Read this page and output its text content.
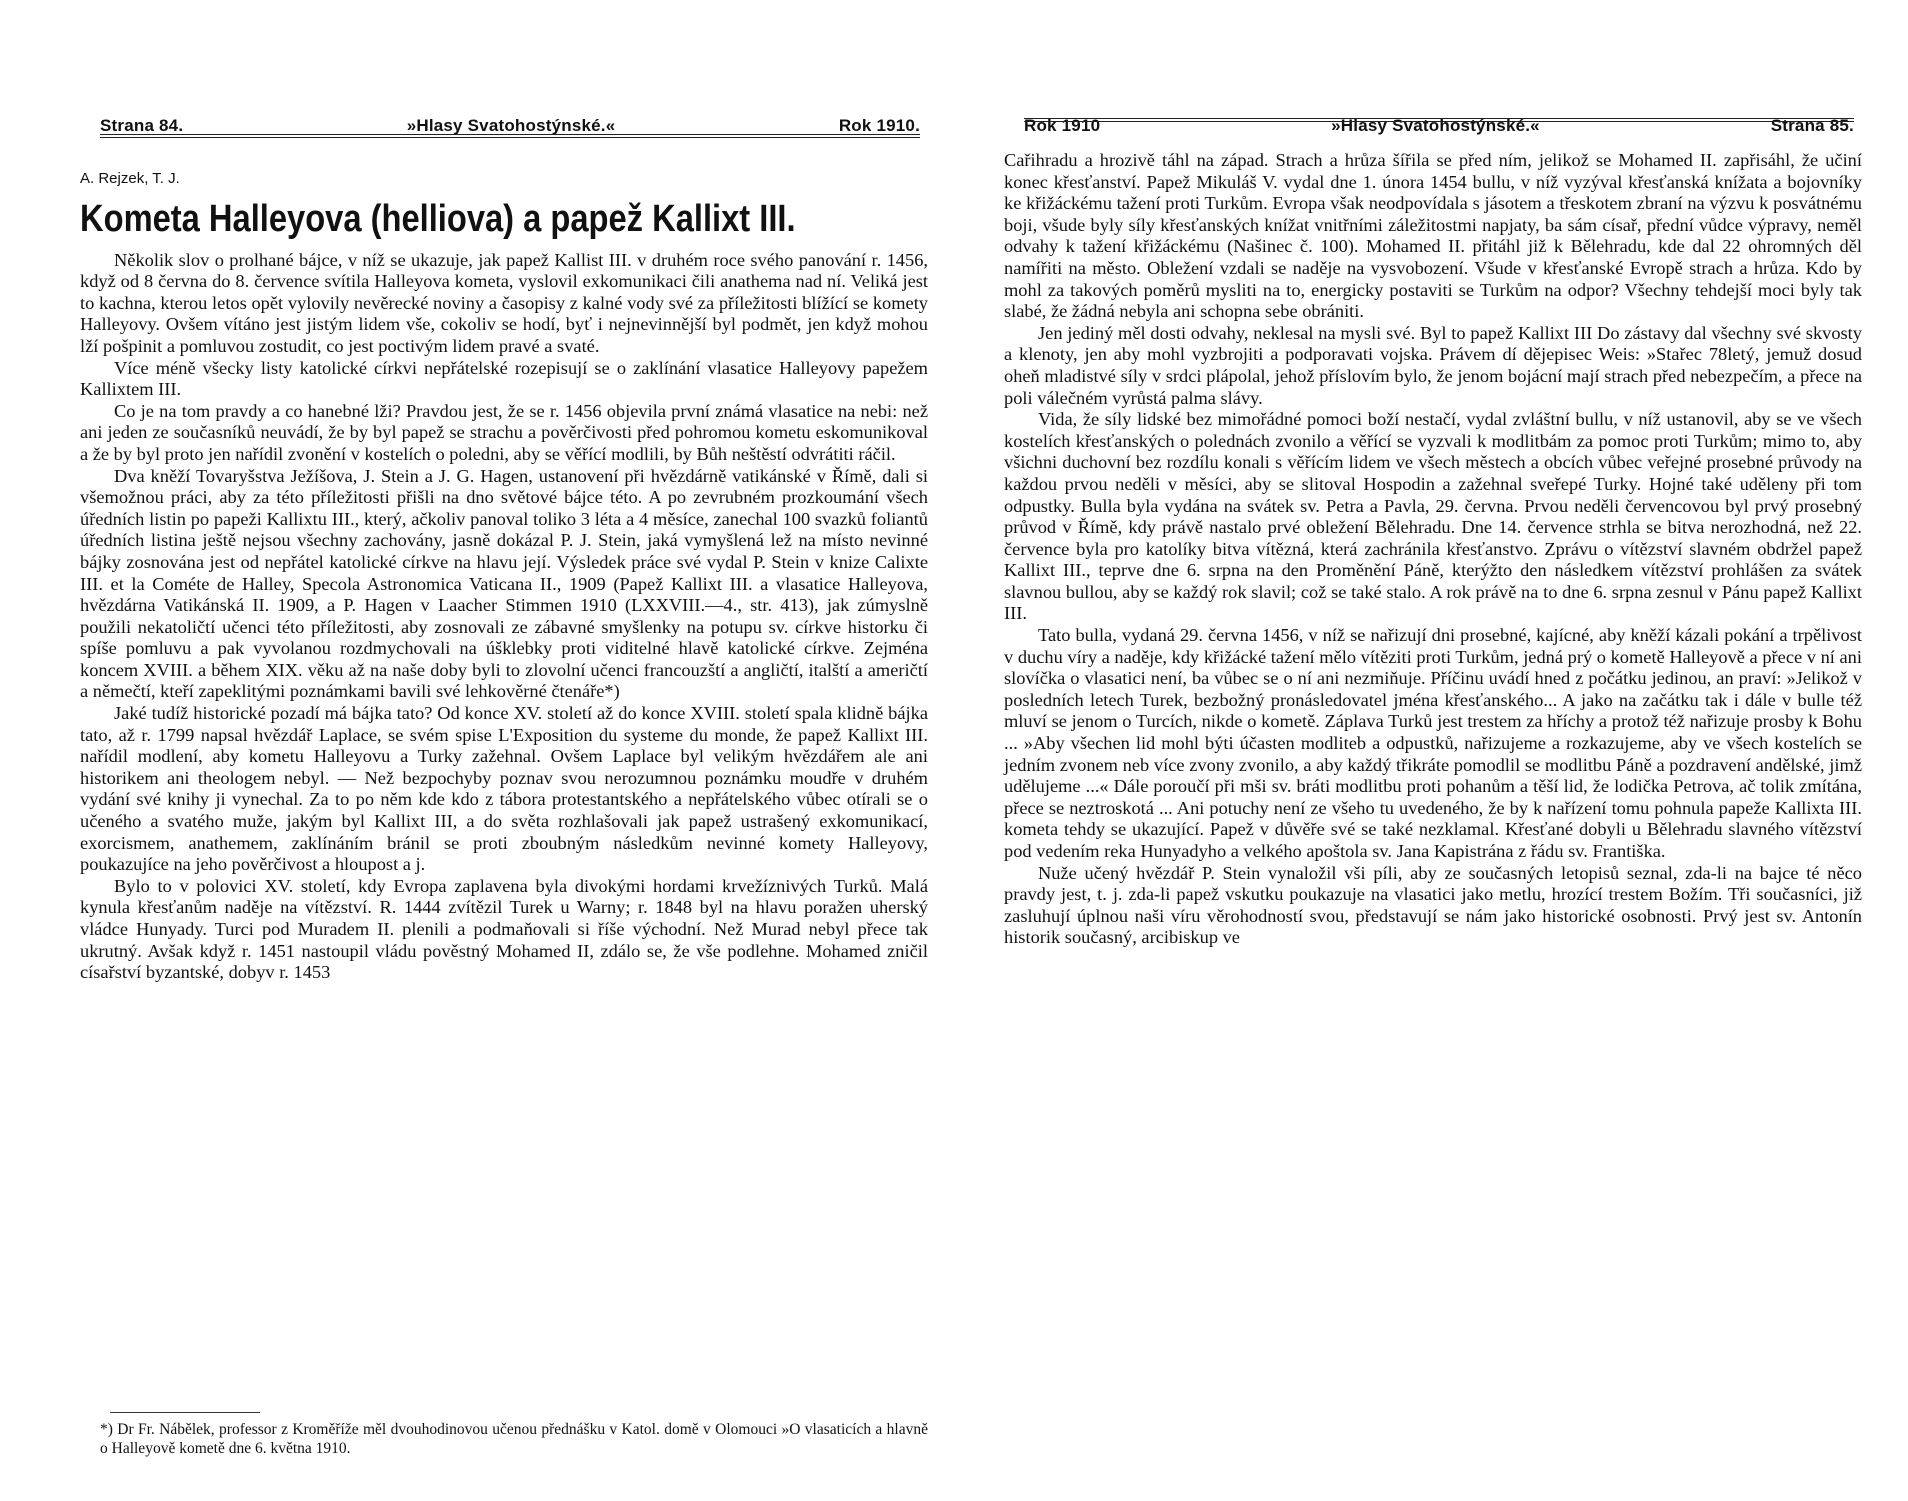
Strana 84.	»Hlasy Svatohostýnské.«	Rok 1910.
A. Rejzek, T. J.
Kometa Halleyova (helliova) a papež Kallixt III.

Několik slov o prolhané bájce, v níž se ukazuje, jak papež Kallist III. v druhém roce svého panování r. 1456, když od 8 června do 8. července svítila Halleyova kometa, vyslovil exkomunikaci čili anathema nad ní. Veliká jest to kachna, kterou letos opět vylovily nevěrecké noviny a časopisy z kalné vody své za příležitosti blížící se komety Halleyovy. Ovšem vítáno jest jistým lidem vše, cokoliv se hodí, byť i nejnevinnější byl podmět, jen když mohou lží pošpinit a pomluvou zostudit, co jest poctivým lidem pravé a svaté.

Více méně všecky listy katolické církvi nepřátelské rozepisují se o zaklínání vlasatice Halleyovy papežem Kallixtem III.

Co je na tom pravdy a co hanebné lži? Pravdou jest, že se r. 1456 objevila první známá vlasatice na nebi: než ani jeden ze současníků neuvádí, že by byl papež se strachu a pověrčivosti před pohromou kometu eskomunikoval a že by byl proto jen nařídil zvonění v kostelích o poledni, aby se věřící modlili, by Bůh neštěstí odvrátiti ráčil.

Dva kněží Tovaryšstva Ježíšova, J. Stein a J. G. Hagen, ustanovení při hvězdárně vatikánské v Římě, dali si všemožnou práci, aby za této příležitosti přišli na dno světové bájce této. A po zevrubném prozkoumání všech úředních listin po papeži Kallixtu III., který, ačkoliv panoval toliko 3 léta a 4 měsíce, zanechal 100 svazků foliantů úředních listina ještě nejsou všechny zachovány, jasně dokázal P. J. Stein, jaká vymyšlená lež na místo nevinné bájky zosnována jest od nepřátel katolické církve na hlavu její. Výsledek práce své vydal P. Stein v knize Calixte III. et la Cométe de Halley, Specola Astronomica Vaticana II., 1909 (Papež Kallixt III. a vlasatice Halleyova, hvězdárna Vatikánská II. 1909, a P. Hagen v Laacher Stimmen 1910 (LXXVIII.—4., str. 413), jak zúmyslně použili nekatoličtí učenci této příležitosti, aby zosnovali ze zábavné smyšlenky na potupu sv. církve historku či spíše pomluvu a pak vyvolanou rozdmychovali na úšklebky proti viditelné hlavě katolické církve. Zejména koncem XVIII. a během XIX. věku až na naše doby byli to zlovolní učenci francouzští a angličtí, italští a američtí a němečtí, kteří zapeklitými poznámkami bavili své lehkověrné čtenáře*)

Jaké tudíž historické pozadí má bájka tato? Od konce XV. století až do konce XVIII. století spala klidně bájka tato, až r. 1799 napsal hvězdář Laplace, se svém spise L'Exposition du systeme du monde, že papež Kallixt III. nařídil modlení, aby kometu Halleyovu a Turky zažehnal. Ovšem Laplace byl velikým hvězdářem ale ani historikem ani theologem nebyl. — Než bezpochyby poznav svou nerozumnou poznámku moudře v druhém vydání své knihy ji vynechal. Za to po něm kde kdo z tábora protestantského a nepřátelského vůbec otírali se o učeného a svatého muže, jakým byl Kallixt III, a do světa rozhlašovali jak papež ustrašený exkomunikací, exorcismem, anathemem, zaklínáním bránil se proti zboubným následkům nevinné komety Halleyovy, poukazujíce na jeho pověrčivost a hloupost a j.

Bylo to v polovici XV. století, kdy Evropa zaplavena byla divokými hordami krvežíznivých Turků. Malá kynula křesťanům naděje na vítězství. R. 1444 zvítězil Turek u Warny; r. 1848 byl na hlavu poražen uherský vládce Hunyady. Turci pod Muradem II. plenili a podmaňovali si říše východní. Než Murad nebyl přece tak ukrutný. Avšak když r. 1451 nastoupil vládu pověstný Mohamed II, zdálo se, že vše podlehne. Mohamed zničil císařství byzantské, dobyv r. 1453

*) Dr Fr. Nábělek, professor z Kroměříže měl dvouhodinovou učenou přednášku v Katol. domě v Olomouci »O vlasaticích a hlavně o Halleyově kometě dne 6. května 1910.
Rok 1910	»Hlasy Svatohostýnské.«	Strana 85.

Cařihradu a hrozivě táhl na západ. Strach a hrůza šířila se před ním, jelikož se Mohamed II. zapřisáhl, že učiní konec křesťanství. Papež Mikuláš V. vydal dne 1. února 1454 bullu, v níž vyzýval křesťanská knížata a bojovníky ke křižáckému tažení proti Turkům. Evropa však neodpovídala s jásotem a třeskotem zbraní na výzvu k posvátnému boji, všude byly síly křesťanských knížat vnitřními záležitostmi napjaty, ba sám císař, přední vůdce výpravy, neměl odvahy k tažení křižáckému (Našinec č. 100). Mohamed II. přitáhl již k Bělehradu, kde dal 22 ohromných děl namířiti na město. Obležení vzdali se naděje na vysvobození. Všude v křesťanské Evropě strach a hrůza. Kdo by mohl za takových poměrů mysliti na to, energicky postaviti se Turkům na odpor? Všechny tehdejší moci byly tak slabé, že žádná nebyla ani schopna sebe obrániti.

Jen jediný měl dosti odvahy, neklesal na mysli své. Byl to papež Kallixt III Do zástavy dal všechny své skvosty a klenoty, jen aby mohl vyzbrojiti a podporavati vojska. Právem dí dějepisec Weis: »Stařec 78letý, jemuž dosud oheň mladistvé síly v srdci plápolal, jehož příslovím bylo, že jenom bojácní mají strach před nebezpečím, a přece na poli válečném vyrůstá palma slávy.

Vida, že síly lidské bez mimořádné pomoci boží nestačí, vydal zvláštní bullu, v níž ustanovil, aby se ve všech kostelích křesťanských o polednách zvonilo a věřící se vyzvali k modlitbám za pomoc proti Turkům; mimo to, aby všichni duchovní bez rozdílu konali s věřícím lidem ve všech městech a obcích vůbec veřejné prosebné průvody na každou prvou neděli v měsíci, aby se slitoval Hospodin a zažehnal sveřepé Turky. Hojné také uděleny při tom odpustky. Bulla byla vydána na svátek sv. Petra a Pavla, 29. června. Prvou neděli červencovou byl prvý prosebný průvod v Římě, kdy právě nastalo prvé obležení Bělehradu. Dne 14. července strhla se bitva nerozhodná, než 22. července byla pro katolíky bitva vítězná, která zachránila křesťanstvo. Zprávu o vítězství slavném obdržel papež Kallixt III., teprve dne 6. srpna na den Proměnění Páně, kterýžto den následkem vítězství prohlášen za svátek slavnou bullou, aby se každý rok slavil; což se také stalo. A rok právě na to dne 6. srpna zesnul v Pánu papež Kallixt III.

Tato bulla, vydaná 29. června 1456, v níž se nařizují dni prosebné, kajícné, aby kněží kázali pokání a trpělivost v duchu víry a naděje, kdy křižácké tažení mělo vítěziti proti Turkům, jedná prý o kometě Halleyově a přece v ní ani slovíčka o vlasatici není, ba vůbec se o ní ani nezmiňuje. Příčinu uvádí hned z počátku jedinou, an praví: »Jelikož v posledních letech Turek, bezbožný pronásledovatel jména křesťanského... A jako na začátku tak i dále v bulle též mluví se jenom o Turcích, nikde o kometě. Záplava Turků jest trestem za hříchy a protož též nařizuje prosby k Bohu ... »Aby všechen lid mohl býti účasten modliteb a odpustků, nařizujeme a rozkazujeme, aby ve všech kostelích se jedním zvonem neb více zvony zvonilo, a aby každý třikráte pomodlil se modlitbu Páně a pozdravení andělské, jimž udělujeme ...« Dále poroučí při mši sv. bráti modlitbu proti pohanům a těší lid, že lodička Petrova, ač tolik zmítána, přece se neztroskotá ... Ani potuchy není ze všeho tu uvedeného, že by k nařízení tomu pohnula papeže Kallixta III. kometa tehdy se ukazující. Papež v důvěře své se také nezklamal. Křesťané dobyli u Bělehradu slavného vítězství pod vedením reka Hunyadyho a velkého apoštola sv. Jana Kapistrána z řádu sv. Františka.

Nuže učený hvězdář P. Stein vynaložil vši píli, aby ze současných letopisů seznal, zda-li na bajce té něco pravdy jest, t. j. zda-li papež vskutku poukazuje na vlasatici jako metlu, hrozící trestem Božím. Tři současníci, již zasluhují úplnou naši víru věrohodností svou, představují se nám jako historické osobnosti. Prvý jest sv. Antonín historik současný, arcibiskup ve
